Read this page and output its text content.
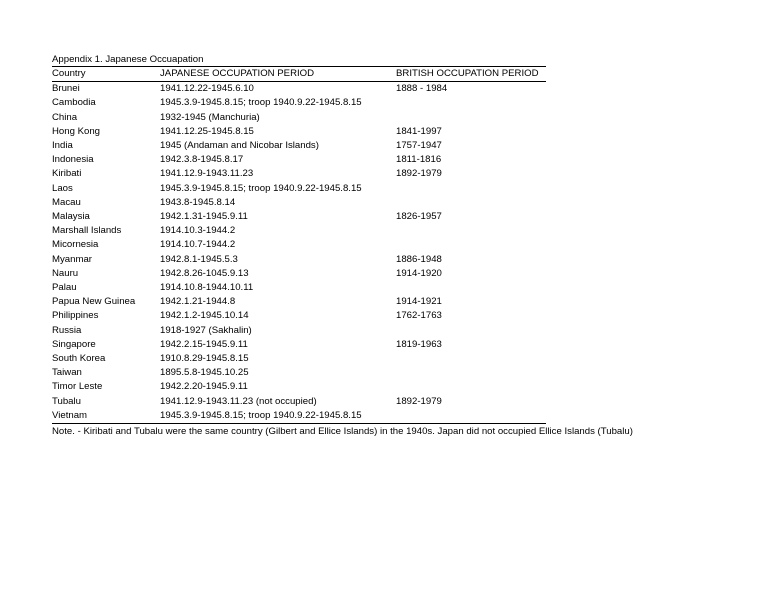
Appendix 1. Japanese Occuapation
Country	JAPANESE OCCUPATION PERIOD	BRITISH OCCUPATION PERIOD
Brunei	1941.12.22-1945.6.10	1888 - 1984
Cambodia	1945.3.9-1945.8.15; troop 1940.9.22-1945.8.15	
China	1932-1945 (Manchuria)	
Hong Kong	1941.12.25-1945.8.15	1841-1997
India	1945 (Andaman and Nicobar Islands)	1757-1947
Indonesia	1942.3.8-1945.8.17	1811-1816
Kiribati	1941.12.9-1943.11.23	1892-1979
Laos	1945.3.9-1945.8.15; troop 1940.9.22-1945.8.15	
Macau	1943.8-1945.8.14	
Malaysia	1942.1.31-1945.9.11	1826-1957
Marshall Islands	1914.10.3-1944.2	
Micornesia	1914.10.7-1944.2	
Myanmar	1942.8.1-1945.5.3	1886-1948
Nauru	1942.8.26-1045.9.13	1914-1920
Palau	1914.10.8-1944.10.11	
Papua New Guinea	1942.1.21-1944.8	1914-1921
Philippines	1942.1.2-1945.10.14	1762-1763
Russia	1918-1927 (Sakhalin)	
Singapore	1942.2.15-1945.9.11	1819-1963
South Korea	1910.8.29-1945.8.15	
Taiwan	1895.5.8-1945.10.25	
Timor Leste	1942.2.20-1945.9.11	
Tubalu	1941.12.9-1943.11.23 (not occupied)	1892-1979
Vietnam	1945.3.9-1945.8.15; troop 1940.9.22-1945.8.15	
Note. - Kiribati and Tubalu were the same country (Gilbert and Ellice Islands) in the 1940s. Japan did not occupied Ellice Islands (Tubalu)
